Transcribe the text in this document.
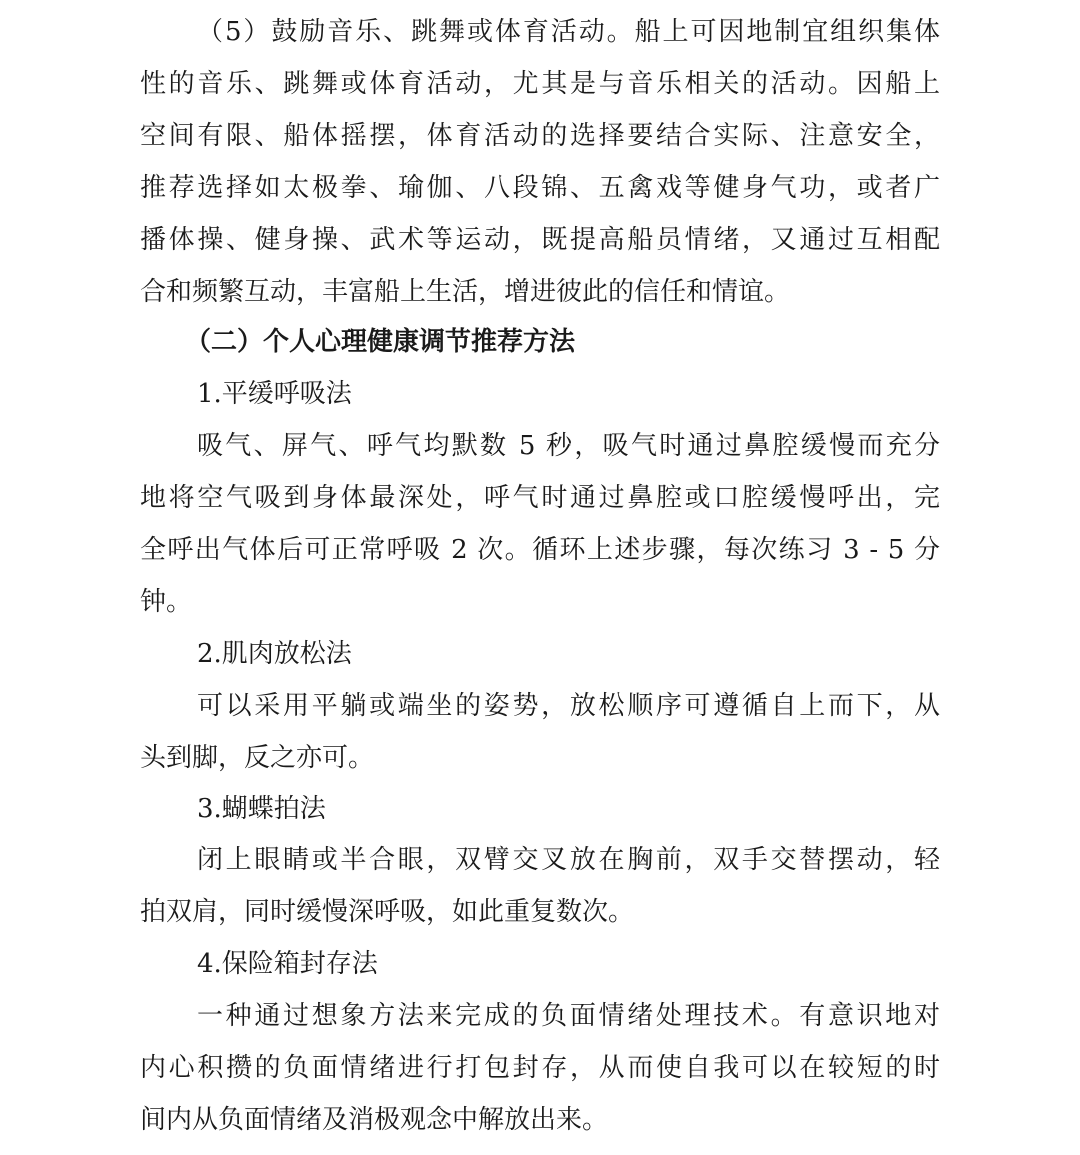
（5）鼓励音乐、跳舞或体育活动。船上可因地制宜组织集体
性的音乐、跳舞或体育活动，尤其是与音乐相关的活动。因船上
空间有限、船体摇摆，体育活动的选择要结合实际、注意安全，
推荐选择如太极拳、瑜伽、八段锦、五禽戏等健身气功，或者广
播体操、健身操、武术等运动，既提高船员情绪，又通过互相配
合和频繁互动，丰富船上生活，增进彼此的信任和情谊。
（二）个人心理健康调节推荐方法
1.平缓呼吸法
吸气、屏气、呼气均默数 5 秒，吸气时通过鼻腔缓慢而充分
地将空气吸到身体最深处，呼气时通过鼻腔或口腔缓慢呼出，完
全呼出气体后可正常呼吸 2 次。循环上述步骤，每次练习 3 - 5 分
钟。
2.肌肉放松法
可以采用平躺或端坐的姿势，放松顺序可遵循自上而下，从
头到脚，反之亦可。
3.蝴蝶拍法
闭上眼睛或半合眼，双臂交叉放在胸前，双手交替摆动，轻
拍双肩，同时缓慢深呼吸，如此重复数次。
4.保险箱封存法
一种通过想象方法来完成的负面情绪处理技术。有意识地对
内心积攒的负面情绪进行打包封存，从而使自我可以在较短的时
间内从负面情绪及消极观念中解放出来。
